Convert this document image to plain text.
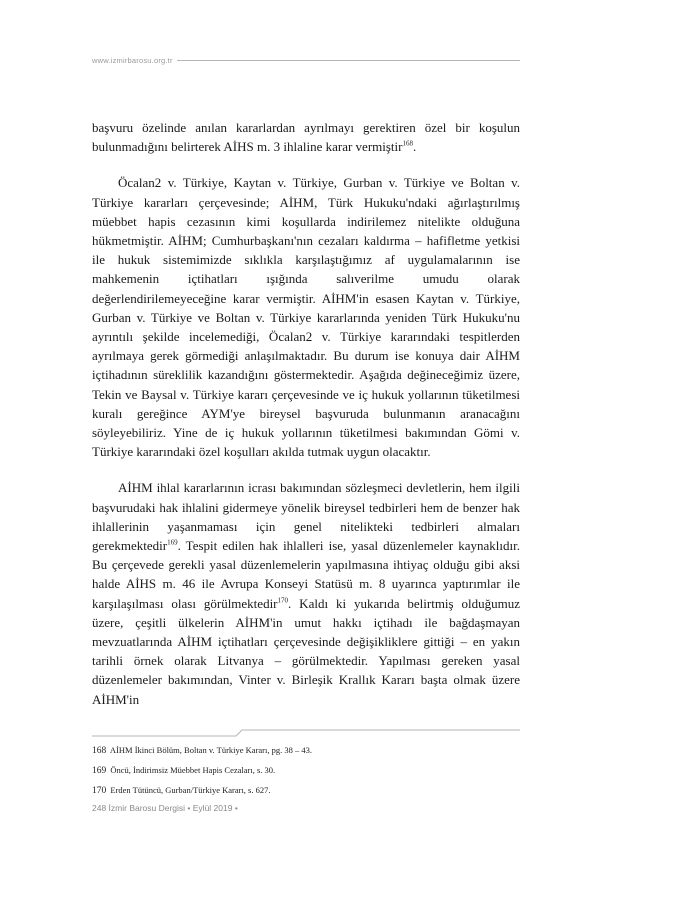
www.izmirbarosu.org.tr

başvuru özelinde anılan kararlardan ayrılmayı gerektiren özel bir koşulun bulunmadığını belirterek AİHS m. 3 ihlaline karar vermiştir$^{168}$.

Öcalan2 v. Türkiye, Kaytan v. Türkiye, Gurban v. Türkiye ve Boltan v. Türkiye kararları çerçevesinde; AİHM, Türk Hukuku'ndaki ağırlaştırılmış müebbet hapis cezasının kimi koşullarda indirilemez nitelikte olduğuna hükmetmiştir. AİHM; Cumhurbaşkanı'nın cezaları kaldırma – hafifletme yetkisi ile hukuk sistemimizde sıklıkla karşılaştığımız af uygulamalarının ise mahkemenin içtihatları ışığında salıverilme umudu olarak değerlendirilemeyeceğine karar vermiştir. AİHM'in esasen Kaytan v. Türkiye, Gurban v. Türkiye ve Boltan v. Türkiye kararlarında yeniden Türk Hukuku'nu ayrıntılı şekilde incelemediği, Öcalan2 v. Türkiye kararındaki tespitlerden ayrılmaya gerek görmediği anlaşılmaktadır. Bu durum ise konuya dair AİHM içtihadının süreklilik kazandığını göstermektedir. Aşağıda değineceğimiz üzere, Tekin ve Baysal v. Türkiye kararı çerçevesinde ve iç hukuk yollarının tüketilmesi kuralı gereğince AYM'ye bireysel başvuruda bulunmanın aranacağını söyleyebiliriz. Yine de iç hukuk yollarının tüketilmesi bakımından Gömi v. Türkiye kararındaki özel koşulları akılda tutmak uygun olacaktır.

AİHM ihlal kararlarının icrası bakımından sözleşmeci devletlerin, hem ilgili başvurudaki hak ihlalini gidermeye yönelik bireysel tedbirleri hem de benzer hak ihlallerinin yaşanmaması için genel nitelikteki tedbirleri almaları gerekmektedir$^{169}$. Tespit edilen hak ihlalleri ise, yasal düzenlemeler kaynaklıdır. Bu çerçevede gerekli yasal düzenlemelerin yapılmasına ihtiyaç olduğu gibi aksi halde AİHS m. 46 ile Avrupa Konseyi Statüsü m. 8 uyarınca yaptırımlar ile karşılaşılması olası görülmektedir$^{170}$. Kaldı ki yukarıda belirtmiş olduğumuz üzere, çeşitli ülkelerin AİHM'in umut hakkı içtihadı ile bağdaşmayan mevzuatlarında AİHM içtihatları çerçevesinde değişikliklere gittiği – en yakın tarihli örnek olarak Litvanya – görülmektedir. Yapılması gereken yasal düzenlemeler bakımından, Vinter v. Birleşik Krallık Kararı başta olmak üzere AİHM'in

168 AİHM İkinci Bölüm, Boltan v. Türkiye Kararı, pg. 38 – 43.
169 Öncü, İndirimsiz Müebbet Hapis Cezaları, s. 30.
170 Erden Tütüncü, Gurban/Türkiye Kararı, s. 627.
248 İzmir Barosu Dergisi • Eylül 2019 •
